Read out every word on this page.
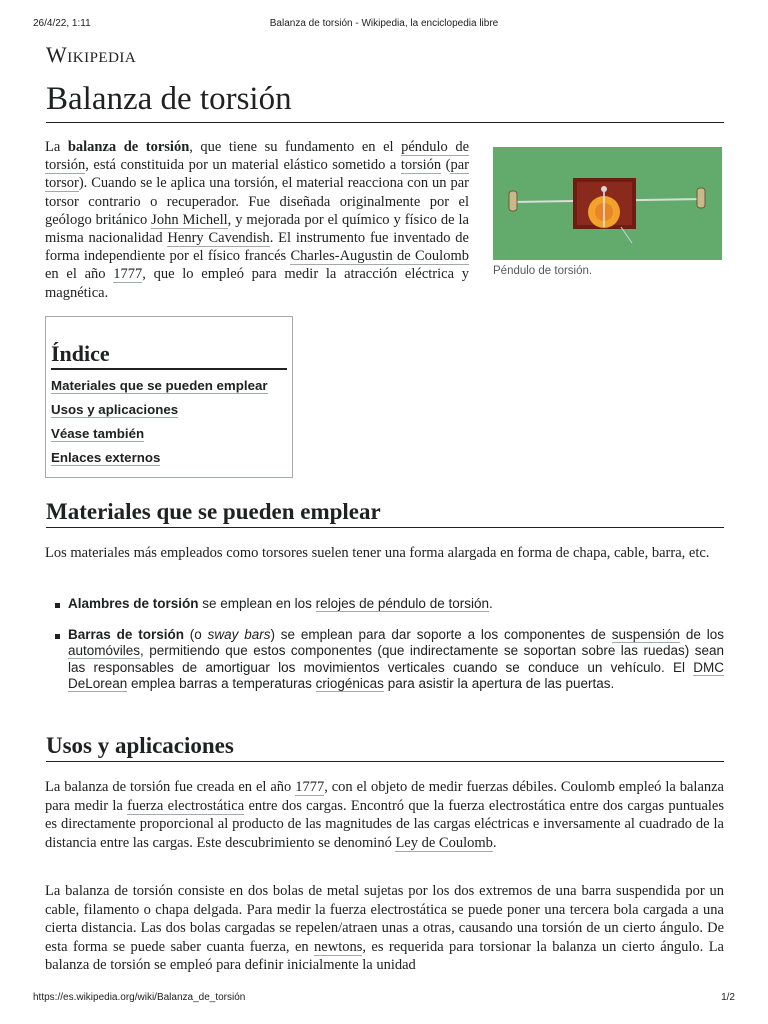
26/4/22, 1:11	Balanza de torsión - Wikipedia, la enciclopedia libre
Wikipedia
Balanza de torsión

La balanza de torsión, que tiene su fundamento en el péndulo de torsión, está constituida por un material elástico sometido a torsión (par torsor). Cuando se le aplica una torsión, el material reacciona con un par torsor contrario o recuperador. Fue diseñada originalmente por el geólogo británico John Michell, y mejorada por el químico y físico de la misma nacionalidad Henry Cavendish. El instrumento fue inventado de forma independiente por el físico francés Charles-Augustin de Coulomb en el año 1777, que lo empleó para medir la atracción eléctrica y magnética.

Péndulo de torsión.
Índice
Materiales que se pueden emplear
Usos y aplicaciones
Véase también
Enlaces externos
Materiales que se pueden emplear

Los materiales más empleados como torsores suelen tener una forma alargada en forma de chapa, cable, barra, etc.

Alambres de torsión se emplean en los relojes de péndulo de torsión.
Barras de torsión (o sway bars) se emplean para dar soporte a los componentes de suspensión de los automóviles, permitiendo que estos componentes (que indirectamente se soportan sobre las ruedas) sean las responsables de amortiguar los movimientos verticales cuando se conduce un vehículo. El DMC DeLorean emplea barras a temperaturas criogénicas para asistir la apertura de las puertas.
Usos y aplicaciones

La balanza de torsión fue creada en el año 1777, con el objeto de medir fuerzas débiles. Coulomb empleó la balanza para medir la fuerza electrostática entre dos cargas. Encontró que la fuerza electrostática entre dos cargas puntuales es directamente proporcional al producto de las magnitudes de las cargas eléctricas e inversamente al cuadrado de la distancia entre las cargas. Este descubrimiento se denominó Ley de Coulomb.

La balanza de torsión consiste en dos bolas de metal sujetas por los dos extremos de una barra suspendida por un cable, filamento o chapa delgada. Para medir la fuerza electrostática se puede poner una tercera bola cargada a una cierta distancia. Las dos bolas cargadas se repelen/atraen unas a otras, causando una torsión de un cierto ángulo. De esta forma se puede saber cuanta fuerza, en newtons, es requerida para torsionar la balanza un cierto ángulo. La balanza de torsión se empleó para definir inicialmente la unidad

https://es.wikipedia.org/wiki/Balanza_de_torsión	1/2
